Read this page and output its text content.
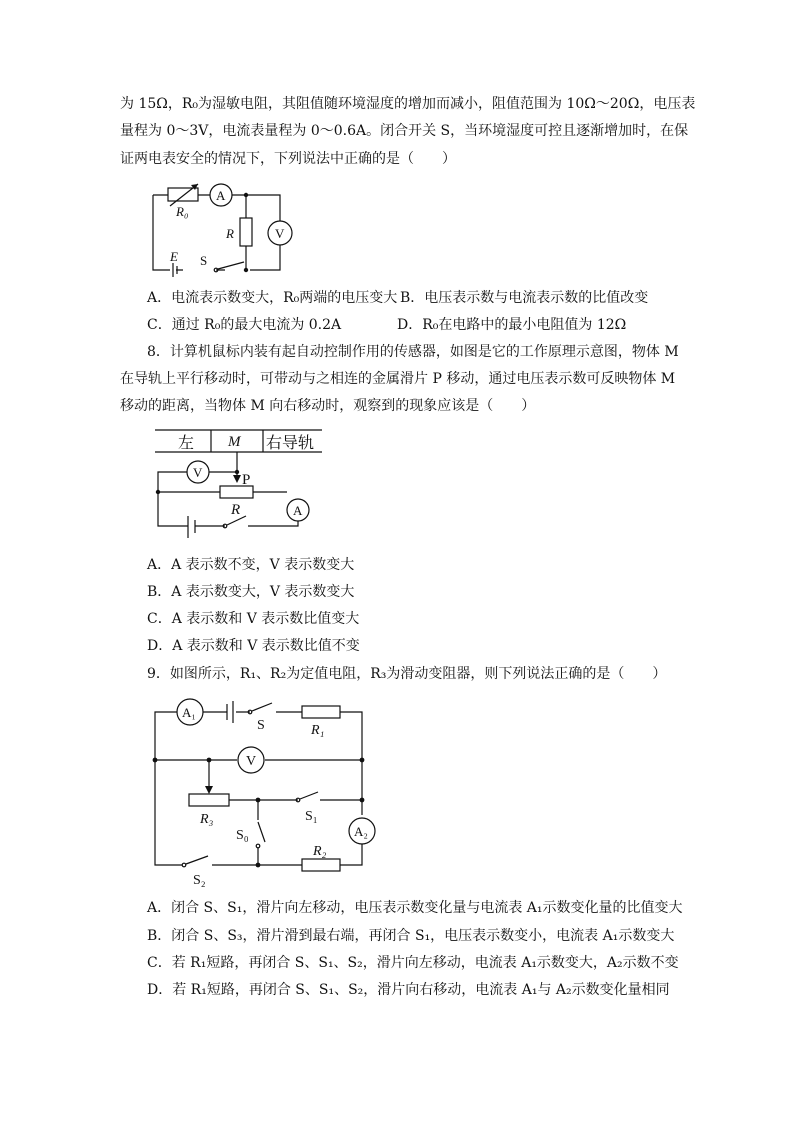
为 15Ω，R₀为湿敏电阻，其阻值随环境湿度的增加而减小，阻值范围为 10Ω～20Ω，电压表
量程为 0～3V，电流表量程为 0～0.6A。闭合开关 S，当环境湿度可控且逐渐增加时，在保
证两电表安全的情况下，下列说法中正确的是（　　）
R₀
A
R	V
E S
A．电流表示数变大，R₀两端的电压变大 B．电压表示数与电流表示数的比值改变
C．通过 R₀的最大电流为 0.2A	D．R₀在电路中的最小电阻值为 12Ω
8．计算机鼠标内装有起自动控制作用的传感器，如图是它的工作原理示意图，物体 M
在导轨上平行移动时，可带动与之相连的金属滑片 P 移动，通过电压表示数可反映物体 M
移动的距离，当物体 M 向右移动时，观察到的现象应该是（　　）
左 M 右导轨
P
V
R	A
A．A 表示数不变，V 表示数变大
B．A 表示数变大，V 表示数变大
C．A 表示数和 V 表示数比值变大
D．A 表示数和 V 表示数比值不变
9．如图所示，R₁、R₂为定值电阻，R₃为滑动变阻器，则下列说法正确的是（　　）
A₁
S	R₁
V
R₃	S₁
S₀	A₂
R₂
S₂
A．闭合 S、S₁，滑片向左移动，电压表示数变化量与电流表 A₁示数变化量的比值变大
B．闭合 S、S₃，滑片滑到最右端，再闭合 S₁，电压表示数变小，电流表 A₁示数变大
C．若 R₁短路，再闭合 S、S₁、S₂，滑片向左移动，电流表 A₁示数变大，A₂示数不变
D．若 R₁短路，再闭合 S、S₁、S₂，滑片向右移动，电流表 A₁与 A₂示数变化量相同
